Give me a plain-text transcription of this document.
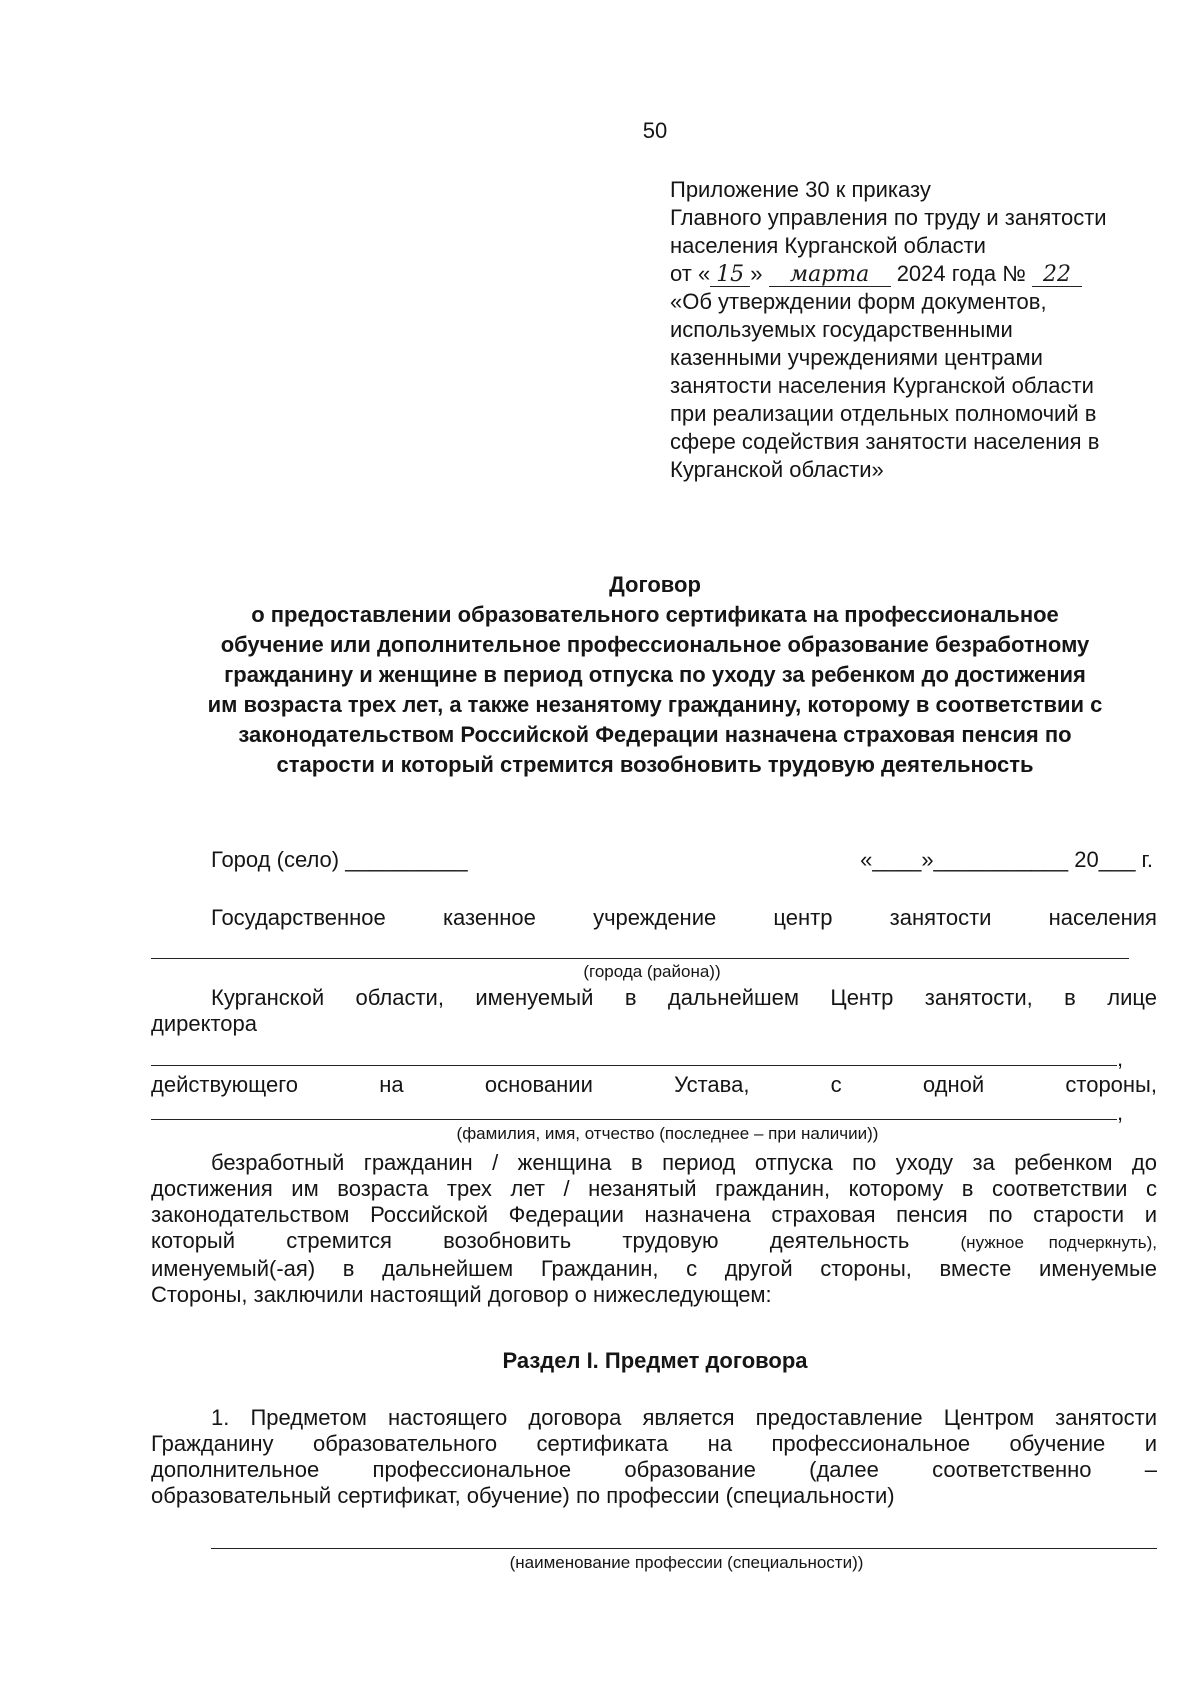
50
Приложение 30 к приказу
Главного управления по труду и занятости
населения Курганской области
от « 15 » марта 2024 года № 22
«Об утверждении форм документов,
используемых государственными
казенными учреждениями центрами
занятости населения Курганской области
при реализации отдельных полномочий в
сфере содействия занятости населения в
Курганской области»
Договор
о предоставлении образовательного сертификата на профессиональное
обучение или дополнительное профессиональное образование безработному
гражданину и женщине в период отпуска по уходу за ребенком до достижения
им возраста трех лет, а также незанятому гражданину, которому в соответствии с
законодательством Российской Федерации назначена страховая пенсия по
старости и который стремится возобновить трудовую деятельность
Город (село) __________	«____»___________ 20___ г.
Государственное	казенное	учреждение	центр	занятости	населения
(города (района))
Курганской области, именуемый в дальнейшем Центр занятости, в лице
директора
,
действующего	на	основании	Устава,	с	одной	стороны,
,
(фамилия, имя, отчество (последнее – при наличии))
безработный гражданин / женщина в период отпуска по уходу за ребенком до
достижения им возраста трех лет / незанятый гражданин, которому в соответствии с
законодательством Российской Федерации назначена страховая пенсия по старости и
который стремится возобновить трудовую деятельность	(нужное подчеркнуть),
именуемый(-ая) в дальнейшем Гражданин, с другой стороны, вместе именуемые
Стороны, заключили настоящий договор о нижеследующем:
Раздел I. Предмет договора
1. Предметом настоящего договора является предоставление Центром занятости
Гражданину образовательного сертификата на профессиональное обучение и
дополнительное профессиональное образование (далее соответственно –
образовательный сертификат, обучение) по профессии (специальности)
(наименование профессии (специальности))
